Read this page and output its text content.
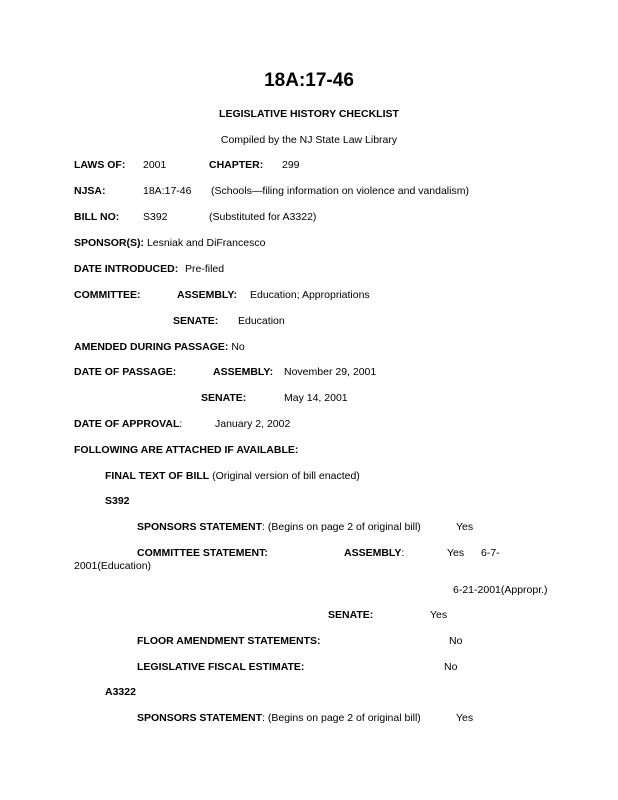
18A:17-46
LEGISLATIVE HISTORY CHECKLIST
Compiled by the NJ State Law Library
LAWS OF: 2001	CHAPTER: 299
NJSA:	18A:17-46 (Schools—filing information on violence and vandalism)
BILL NO: S392	(Substituted for A3322)
SPONSOR(S): Lesniak and DiFrancesco
DATE INTRODUCED: Pre-filed
COMMITTEE:	ASSEMBLY: Education; Appropriations
SENATE: Education
AMENDED DURING PASSAGE: No
DATE OF PASSAGE:	ASSEMBLY: November 29, 2001
SENATE:	May 14, 2001
DATE OF APPROVAL:	January 2, 2002
FOLLOWING ARE ATTACHED IF AVAILABLE:
FINAL TEXT OF BILL (Original version of bill enacted)
S392
SPONSORS STATEMENT: (Begins on page 2 of original bill)	Yes
COMMITTEE STATEMENT:	ASSEMBLY:	Yes 6-7-
2001(Education)
6-21-2001(Appropr.)
SENATE:	Yes
FLOOR AMENDMENT STATEMENTS:	No
LEGISLATIVE FISCAL ESTIMATE:	No
A3322
SPONSORS STATEMENT: (Begins on page 2 of original bill)	Yes
